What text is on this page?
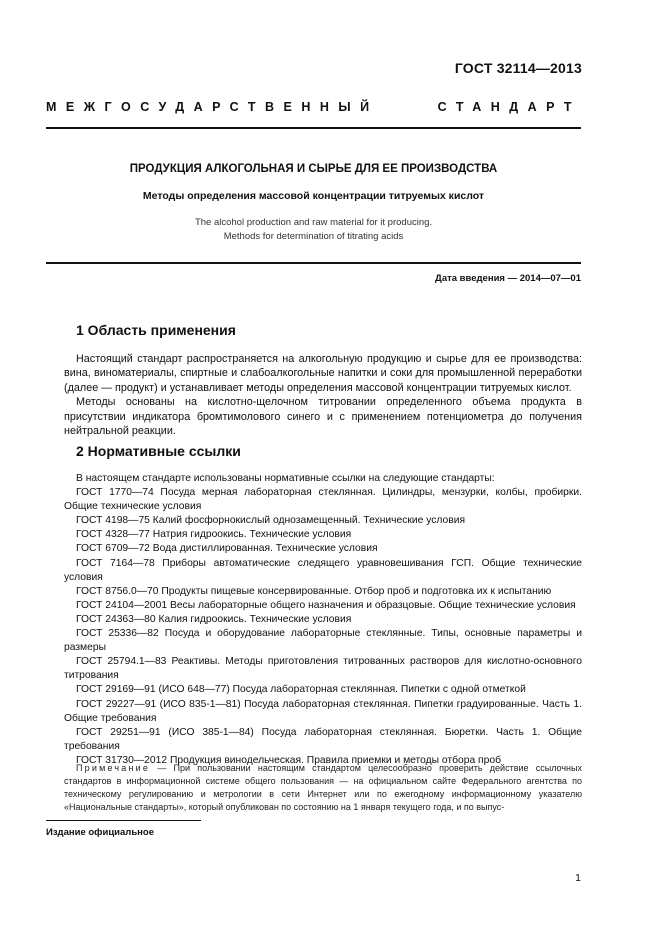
ГОСТ 32114—2013
МЕЖГОСУДАРСТВЕННЫЙ СТАНДАРТ
ПРОДУКЦИЯ АЛКОГОЛЬНАЯ И СЫРЬЕ ДЛЯ ЕЕ ПРОИЗВОДСТВА
Методы определения массовой концентрации титруемых кислот
The alcohol production and raw material for it producing.
Methods for determination of titrating acids
Дата введения — 2014—07—01
1 Область применения

Настоящий стандарт распространяется на алкогольную продукцию и сырье для ее производства: вина, виноматериалы, спиртные и слабоалкогольные напитки и соки для промышленной переработки (далее — продукт) и устанавливает методы определения массовой концентрации титруемых кислот.

Методы основаны на кислотно-щелочном титровании определенного объема продукта в присутствии индикатора бромтимолового синего и с применением потенциометра до получения нейтральной реакции.

2 Нормативные ссылки

В настоящем стандарте использованы нормативные ссылки на следующие стандарты:

ГОСТ 1770—74 Посуда мерная лабораторная стеклянная. Цилиндры, мензурки, колбы, пробирки. Общие технические условия

ГОСТ 4198—75 Калий фосфорнокислый однозамещенный. Технические условия

ГОСТ 4328—77 Натрия гидроокись. Технические условия

ГОСТ 6709—72 Вода дистиллированная. Технические условия

ГОСТ 7164—78 Приборы автоматические следящего уравновешивания ГСП. Общие технические условия

ГОСТ 8756.0—70 Продукты пищевые консервированные. Отбор проб и подготовка их к испытанию

ГОСТ 24104—2001 Весы лабораторные общего назначения и образцовые. Общие технические условия

ГОСТ 24363—80 Калия гидроокись. Технические условия

ГОСТ 25336—82 Посуда и оборудование лабораторные стеклянные. Типы, основные параметры и размеры

ГОСТ 25794.1—83 Реактивы. Методы приготовления титрованных растворов для кислотно-основного титрования

ГОСТ 29169—91 (ИСО 648—77) Посуда лабораторная стеклянная. Пипетки с одной отметкой

ГОСТ 29227—91 (ИСО 835-1—81) Посуда лабораторная стеклянная. Пипетки градуированные. Часть 1. Общие требования

ГОСТ 29251—91 (ИСО 385-1—84) Посуда лабораторная стеклянная. Бюретки. Часть 1. Общие требования

ГОСТ 31730—2012 Продукция винодельческая. Правила приемки и методы отбора проб

Примечание — При пользовании настоящим стандартом целесообразно проверить действие ссылочных стандартов в информационной системе общего пользования — на официальном сайте Федерального агентства по техническому регулированию и метрологии в сети Интернет или по ежегодному информационному указателю «Национальные стандарты», который опубликован по состоянию на 1 января текущего года, и по выпус-

Издание официальное
1
